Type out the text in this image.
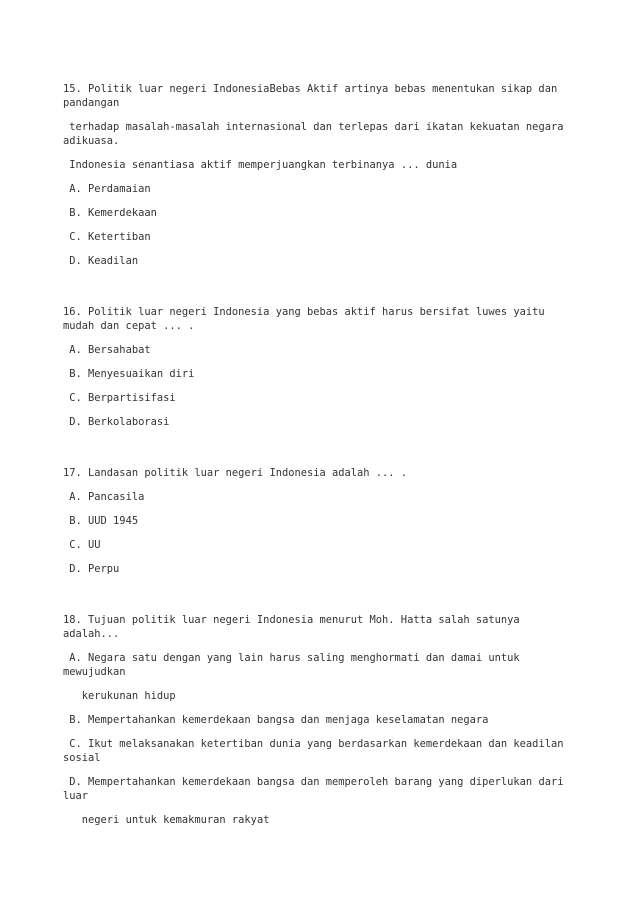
15. Politik luar negeri IndonesiaBebas Aktif artinya bebas menentukan sikap dan
pandangan
terhadap masalah-masalah internasional dan terlepas dari ikatan kekuatan negara
adikuasa.
Indonesia senantiasa aktif memperjuangkan terbinanya ... dunia
A. Perdamaian
B. Kemerdekaan
C. Ketertiban
D. Keadilan
16. Politik luar negeri Indonesia yang bebas aktif harus bersifat luwes yaitu
mudah dan cepat ... .
A. Bersahabat
B. Menyesuaikan diri
C. Berpartisifasi
D. Berkolaborasi
17. Landasan politik luar negeri Indonesia adalah ... .
A. Pancasila
B. UUD 1945
C. UU
D. Perpu
18. Tujuan politik luar negeri Indonesia menurut Moh. Hatta salah satunya
adalah...
A. Negara satu dengan yang lain harus saling menghormati dan damai untuk
mewujudkan
kerukunan hidup
B. Mempertahankan kemerdekaan bangsa dan menjaga keselamatan negara
C. Ikut melaksanakan ketertiban dunia yang berdasarkan kemerdekaan dan keadilan
sosial
D. Mempertahankan kemerdekaan bangsa dan memperoleh barang yang diperlukan dari
luar
negeri untuk kemakmuran rakyat
